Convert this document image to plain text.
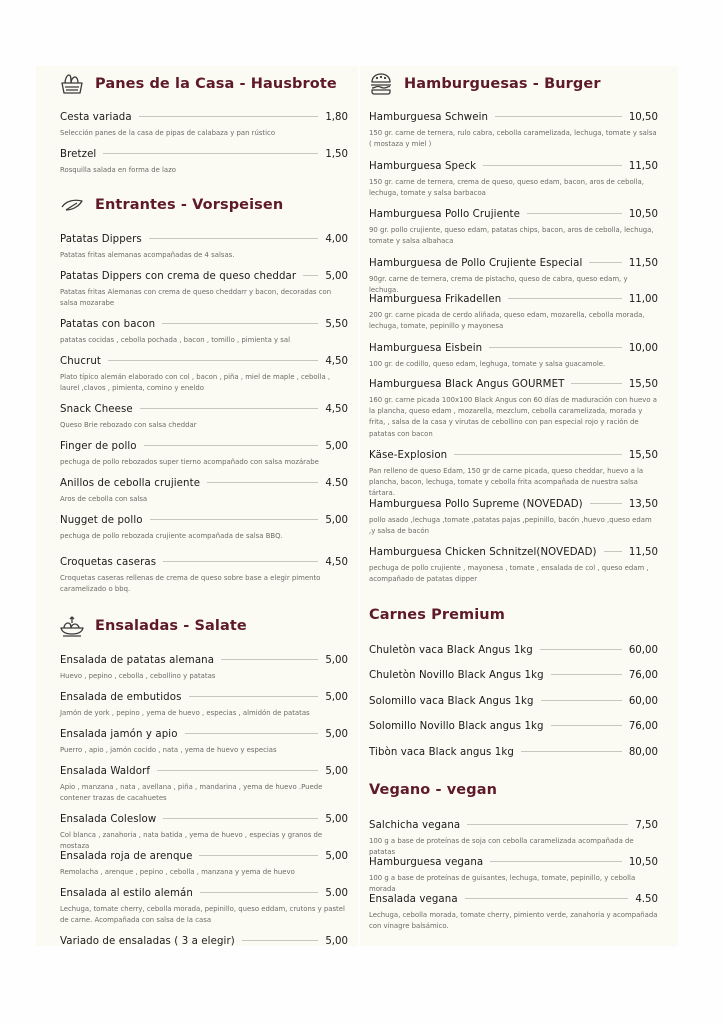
Panes de la Casa - Hausbrote
Cesta variada	1,80
Selección panes de la casa de pipas de calabaza y pan rústico
Bretzel	1,50
Rosquilla salada en forma de lazo
Entrantes - Vorspeisen
Patatas Dippers	4,00
Patatas fritas alemanas acompañadas de 4 salsas.
Patatas Dippers con crema de queso cheddar	5,00
Patatas fritas Alemanas con crema de queso cheddarr y bacon, decoradas con salsa mozarabe
Patatas con bacon	5,50
patatas cocidas , cebolla pochada , bacon , tomillo , pimienta y sal
Chucrut	4,50
Plato típico alemán elaborado con col , bacon , piña , miel de maple , cebolla , laurel ,clavos , pimienta, comino y eneldo
Snack Cheese	4,50
Queso Brie rebozado con salsa cheddar
Finger de pollo	5,00
pechuga de pollo rebozados super tierno acompañado con salsa mozárabe
Anillos de cebolla crujiente	4.50
Aros de cebolla con salsa
Nugget de pollo	5,00
pechuga de pollo rebozada crujiente acompañada de salsa BBQ.
Croquetas caseras	4,50
Croquetas caseras rellenas de crema de queso sobre base a elegir pimento caramelizado o bbq.
Ensaladas - Salate
Ensalada de patatas alemana	5,00
Huevo , pepino , cebolla , cebollino y patatas
Ensalada de embutidos	5,00
Jamón de york , pepino , yema de huevo , especias , almidón de patatas
Ensalada jamón y apio	5,00
Puerro , apio , jamón cocido , nata , yema de huevo y especias
Ensalada Waldorf	5,00
Apio , manzana , nata , avellana , piña , mandarina , yema de huevo .Puede contener trazas de cacahuetes
Ensalada Coleslow	5,00
Col blanca , zanahoria , nata batida , yema de huevo , especias y granos de mostaza
Ensalada roja de arenque	5,00
Remolacha , arenque , pepino , cebolla , manzana y yema de huevo
Ensalada al estilo alemán	5.00
Lechuga, tomate cherry, cebolla morada, pepinillo, queso eddam, crutons y pastel de carne. Acompañada con salsa de la casa
Variado de ensaladas ( 3 a elegir)	5,00
Hamburguesas - Burger
Hamburguesa Schwein	10,50
150 gr. carne de ternera, rulo cabra, cebolla caramelizada, lechuga, tomate y salsa ( mostaza y miel )
Hamburguesa Speck	11,50
150 gr. carne de ternera, crema de queso, queso edam, bacon, aros de cebolla, lechuga, tomate y salsa barbacoa
Hamburguesa Pollo Crujiente	10,50
90 gr. pollo crujiente, queso edam, patatas chips, bacon, aros de cebolla, lechuga, tomate y salsa albahaca
Hamburguesa de Pollo Crujiente Especial	11,50
90gr. carne de ternera, crema de pistacho, queso de cabra, queso edam, y lechuga.
Hamburguesa Frikadellen	11,00
200 gr. carne picada de cerdo aliñada, queso edam, mozarella, cebolla morada, lechuga, tomate, pepinillo y mayonesa
Hamburguesa Eisbein	10,00
100 gr. de codillo, queso edam, leghuga, tomate y salsa guacamole.
Hamburguesa Black Angus GOURMET	15,50
160 gr. carne picada 100x100 Black Angus con 60 días de maduración con huevo a la plancha, queso edam , mozarella, mezclum, cebolla caramelizada, morada y frita, , salsa de la casa y virutas de cebollino con pan especial rojo y ración de patatas con bacon
Käse-Explosion	15,50
Pan relleno de queso Edam, 150 gr de carne picada, queso cheddar, huevo a la plancha, bacon, lechuga, tomate y cebolla frita acompañada de nuestra salsa tártara.
Hamburguesa Pollo Supreme (NOVEDAD)	13,50
pollo asado ,lechuga ,tomate ,patatas pajas ,pepinillo, bacón ,huevo ,queso edam ,y salsa de bacón
Hamburguesa Chicken Schnitzel(NOVEDAD)	11,50
pechuga de pollo crujiente , mayonesa , tomate , ensalada de col , queso edam , acompañado de patatas dipper
Carnes Premium
Chuletòn vaca Black Angus 1kg	60,00
Chuletòn Novillo Black Angus 1kg	76,00
Solomillo vaca Black Angus 1kg	60,00
Solomillo Novillo Black angus 1kg	76,00
Tibòn vaca Black angus 1kg	80,00
Vegano - vegan
Salchicha vegana	7,50
100 g a base de proteínas de soja con cebolla caramelizada acompañada de patatas
Hamburguesa vegana	10,50
100 g a base de proteínas de guisantes, lechuga, tomate, pepinillo, y cebolla morada
Ensalada vegana	4.50
Lechuga, cebolla morada, tomate cherry, pimiento verde, zanahoria y acompañada con vinagre balsámico.
